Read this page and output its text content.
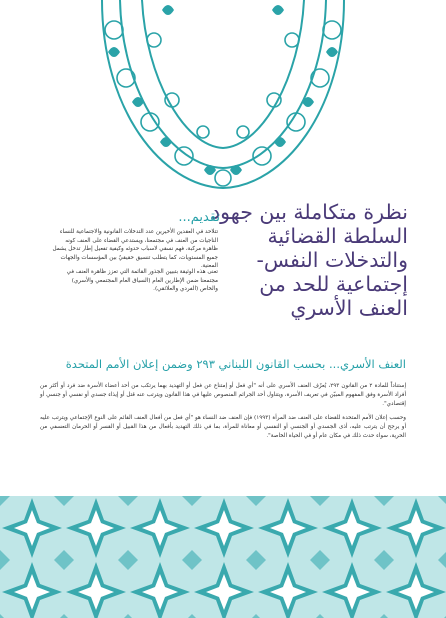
نظرة متكاملة بين جهود السلطة القضائية والتدخلات النفس-إجتماعية للحد من العنف الأسري
تقديم...
تتلاحد في العقدين الأخيرين عدد التدخلات القانونية والاجتماعية للنساء الناجيات من العنف في مجتمعنا، ويستدعي القضاء على العنف كونه ظاهرة مركبة، فهم نسقي لاسباب حدوثه وكيفية تفعيل إطار تدخل يشمل جميع المستويات، كما يتطلب تنسيق حقيقيّ بين المؤسسات والجهات المعنية.
تعنى هذه الوثيقة بتبيين الجذور القائمة التي تعزز ظاهرة العنف في مجتمعنا ضمن الإطارين العام (السياق العام المجتمعي والأسري) والخاص (الفردي والعلائقي).
العنف الأسري... بحسب القانون اللبناني ٢٩٣ وضمن إعلان الأمم المتحدة
إستناداً للمادة ٢ من القانون ٢٩٣، يُعرّف العنف الأسري على أنه "أي فعل أو إمتناع عن فعل أو التهديد بهما يرتكب من أحد أعضاء الأسرة ضد فرد أو أكثر من أفراد الأسرة وفق المفهوم المبيّن في تعريف الأسرة، ويتناول أحد الجرائم المنصوص عليها في هذا القانون ويترتب عنه قتل أو إيذاء جسدي أو نفسي أو جنسي أو إقتصادي".
وحسب إعلان الأمم المتحدة للقضاء على العنف ضد المرأة (١٩٩٣) فإن العنف ضد النساء هو "أي فعل من أفعال العنف القائم على النوع الإجتماعي ويترتب عليه أو يرجح أن يترتب عليه، أذى الجسدي أو الجنسي أو النفسي أو معاناة للمرأة، بما في ذلك التهديد بأفعال من هذا القبيل أو القسر أو الحرمان التعسفي من الحرية، سواء حدث ذلك في مكان عام أو في الحياة الخاصة".
